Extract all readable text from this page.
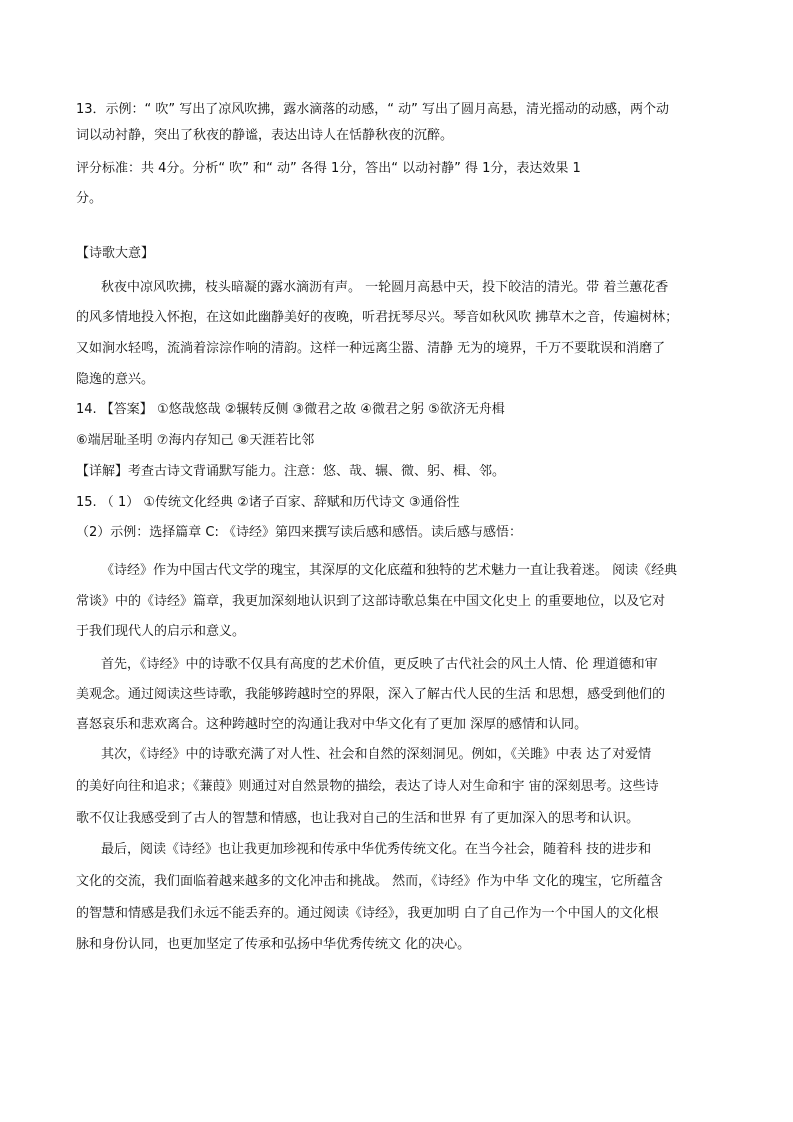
13．示例：“ 吹” 写出了凉风吹拂，露水滴落的动感，“ 动” 写出了圆月高悬，清光摇动的动感，两个动
词以动衬静，突出了秋夜的静谧，表达出诗人在恬静秋夜的沉醉。
评分标准：共 4分。分析“ 吹” 和“ 动” 各得 1分，答出“ 以动衬静” 得 1分，表达效果 1
分。
【诗歌大意】
秋夜中凉风吹拂，枝头暗凝的露水滴沥有声。 一轮圆月高悬中天，投下皎洁的清光。带 着兰蕙花香
的风多情地投入怀抱，在这如此幽静美好的夜晚，听君抚琴尽兴。琴音如秋风吹 拂草木之音，传遍树林；
又如涧水轻鸣，流淌着淙淙作响的清韵。这样一种远离尘嚣、清静 无为的境界，千万不要耽误和消磨了
隐逸的意兴。
14. 【答案】 ①悠哉悠哉 ②辗转反侧 ③微君之故 ④微君之躬 ⑤欲济无舟楫
⑥端居耻圣明 ⑦海内存知己 ⑧天涯若比邻
【详解】考查古诗文背诵默写能力。注意：悠、哉、辗、微、躬、楫、邻。
15. （ 1） ①传统文化经典 ②诸子百家、辞赋和历代诗文 ③通俗性
（2）示例：选择篇章 C: 《诗经》第四来撰写读后感和感悟。读后感与感悟：
《诗经》作为中国古代文学的瑰宝，其深厚的文化底蕴和独特的艺术魅力一直让我着迷。 阅读《经典
常谈》中的《诗经》篇章，我更加深刻地认识到了这部诗歌总集在中国文化史上 的重要地位，以及它对
于我们现代人的启示和意义。
首先，《诗经》中的诗歌不仅具有高度的艺术价值，更反映了古代社会的风土人情、伦 理道德和审
美观念。通过阅读这些诗歌，我能够跨越时空的界限，深入了解古代人民的生活 和思想，感受到他们的
喜怒哀乐和悲欢离合。这种跨越时空的沟通让我对中华文化有了更加 深厚的感情和认同。
其次，《诗经》中的诗歌充满了对人性、社会和自然的深刻洞见。例如，《关雎》中表 达了对爱情
的美好向往和追求；《蒹葭》则通过对自然景物的描绘，表达了诗人对生命和宇 宙的深刻思考。这些诗
歌不仅让我感受到了古人的智慧和情感，也让我对自己的生活和世界 有了更加深入的思考和认识。
最后，阅读《诗经》也让我更加珍视和传承中华优秀传统文化。在当今社会，随着科 技的进步和
文化的交流，我们面临着越来越多的文化冲击和挑战。 然而，《诗经》作为中华 文化的瑰宝，它所蕴含
的智慧和情感是我们永远不能丢弃的。通过阅读《诗经》，我更加明 白了自己作为一个中国人的文化根
脉和身份认同，也更加坚定了传承和弘扬中华优秀传统文 化的决心。
